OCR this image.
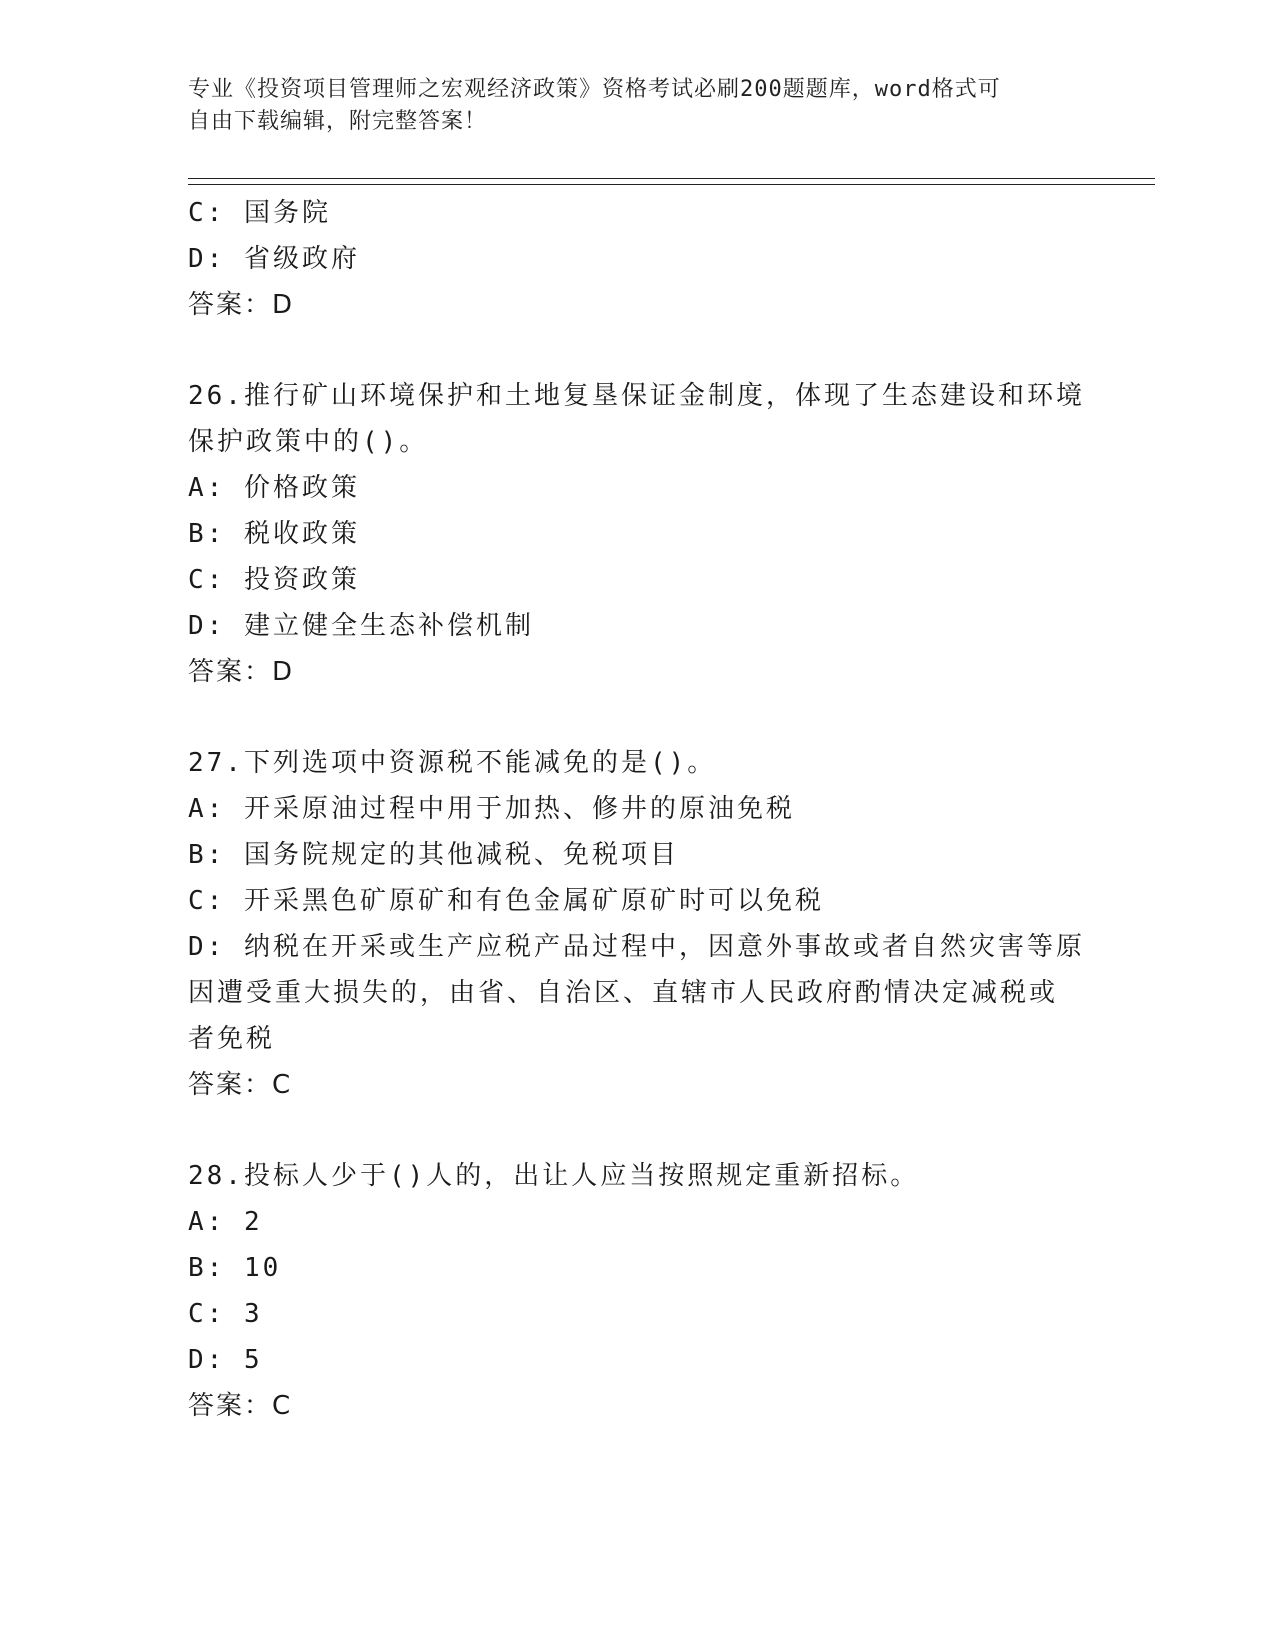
专业《投资项目管理师之宏观经济政策》资格考试必刷200题题库，word格式可
自由下载编辑，附完整答案！
C: 国务院
D: 省级政府
答案：D
26.推行矿山环境保护和土地复垦保证金制度，体现了生态建设和环境
保护政策中的()。
A: 价格政策
B: 税收政策
C: 投资政策
D: 建立健全生态补偿机制
答案：D
27.下列选项中资源税不能减免的是()。
A: 开采原油过程中用于加热、修井的原油免税
B: 国务院规定的其他减税、免税项目
C: 开采黑色矿原矿和有色金属矿原矿时可以免税
D: 纳税在开采或生产应税产品过程中，因意外事故或者自然灾害等原
因遭受重大损失的，由省、自治区、直辖市人民政府酌情决定减税或
者免税
答案：C
28.投标人少于()人的，出让人应当按照规定重新招标。
A: 2
B: 10
C: 3
D: 5
答案：C
